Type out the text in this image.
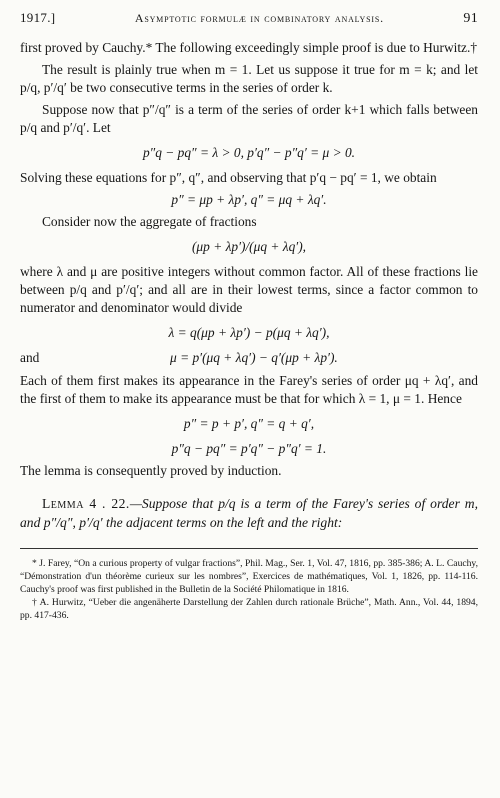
1917.]	Asymptotic formulæ in combinatory analysis.	91

first proved by Cauchy.* The following exceedingly simple proof is due to Hurwitz.†

The result is plainly true when m = 1. Let us suppose it true for m = k; and let p/q, p′/q′ be two consecutive terms in the series of order k.

Suppose now that p″/q″ is a term of the series of order k+1 which falls between p/q and p′/q′. Let

p″q − pq″ = λ > 0, p′q″ − p″q′ = μ > 0.

Solving these equations for p″, q″, and observing that p′q − pq′ = 1, we obtain

p″ = μp + λp′, q″ = μq + λq′.

Consider now the aggregate of fractions

(μp + λp′)/(μq + λq′),

where λ and μ are positive integers without common factor. All of these fractions lie between p/q and p′/q′; and all are in their lowest terms, since a factor common to numerator and denominator would divide

λ = q(μp + λp′) − p(μq + λq′),
and	μ = p′(μq + λq′) − q′(μp + λp′).

Each of them first makes its appearance in the Farey's series of order μq + λq′, and the first of them to make its appearance must be that for which λ = 1, μ = 1. Hence

p″ = p + p′, q″ = q + q′,
p″q − pq″ = p′q″ − p″q′ = 1.

The lemma is consequently proved by induction.

Lemma 4 . 22.—Suppose that p/q is a term of the Farey's series of order m, and p″/q″, p′/q′ the adjacent terms on the left and the right:

* J. Farey, “On a curious property of vulgar fractions”, Phil. Mag., Ser. 1, Vol. 47, 1816, pp. 385-386; A. L. Cauchy, “Démonstration d'un théorème curieux sur les nombres”, Exercices de mathématiques, Vol. 1, 1826, pp. 114-116. Cauchy's proof was first published in the Bulletin de la Société Philomatique in 1816.

† A. Hurwitz, “Ueber die angenäherte Darstellung der Zahlen durch rationale Brüche”, Math. Ann., Vol. 44, 1894, pp. 417-436.
